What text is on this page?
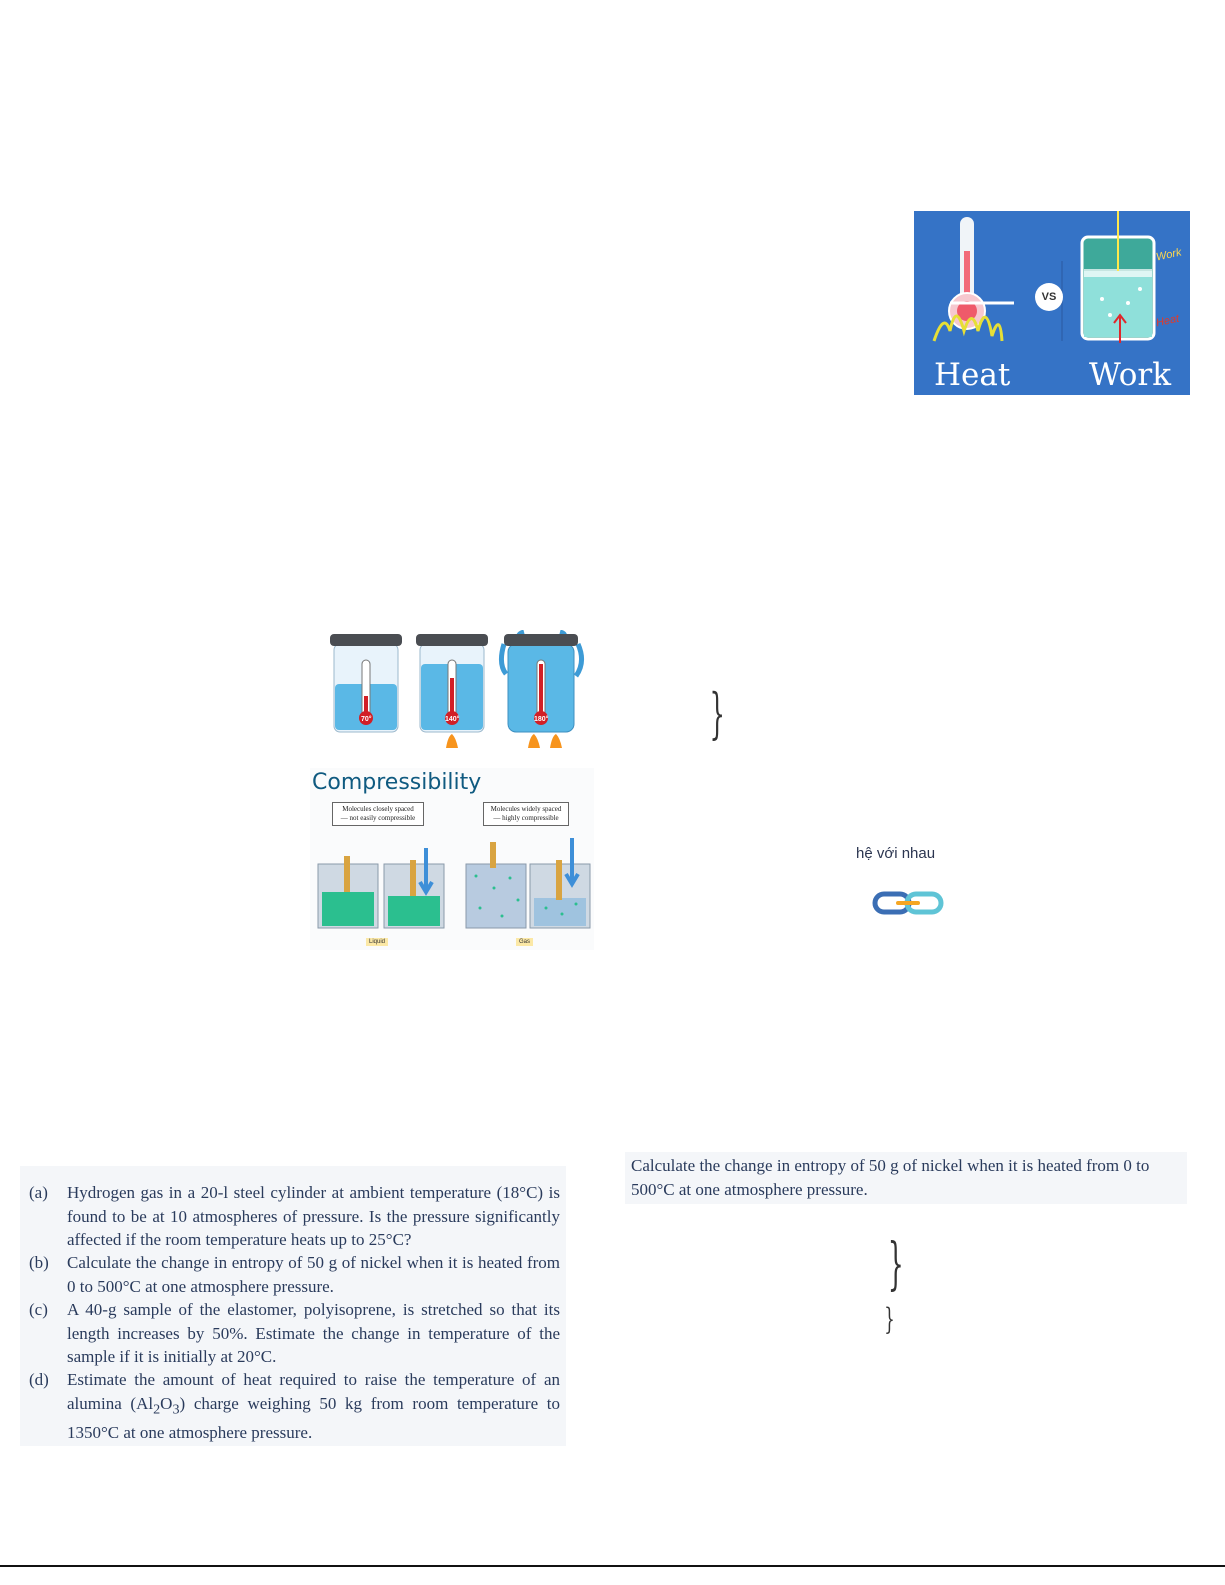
VS
Work
Heat
Heat	Work
70°	140°	180°
Compressibility
Molecules closely spaced
— not easily compressible
Molecules widely spaced
— highly compressible
Liquid	Gas
}
}
}
hệ với nhau
(a)	Hydrogen gas in a 20-l steel cylinder at ambient temperature (18°C) is found to be at 10 atmospheres of pressure. Is the pressure significantly affected if the room temperature heats up to 25°C?
(b)	Calculate the change in entropy of 50 g of nickel when it is heated from 0 to 500°C at one atmosphere pressure.
(c)	A 40-g sample of the elastomer, polyisoprene, is stretched so that its length increases by 50%. Estimate the change in temperature of the sample if it is initially at 20°C.
(d)	Estimate the amount of heat required to raise the temperature of an alumina $(Al_2O_3)$ charge weighing 50 kg from room temperature to 1350°C at one atmosphere pressure.
Calculate the change in entropy of 50 g of nickel when it is heated from 0 to 500°C at one atmosphere pressure.
